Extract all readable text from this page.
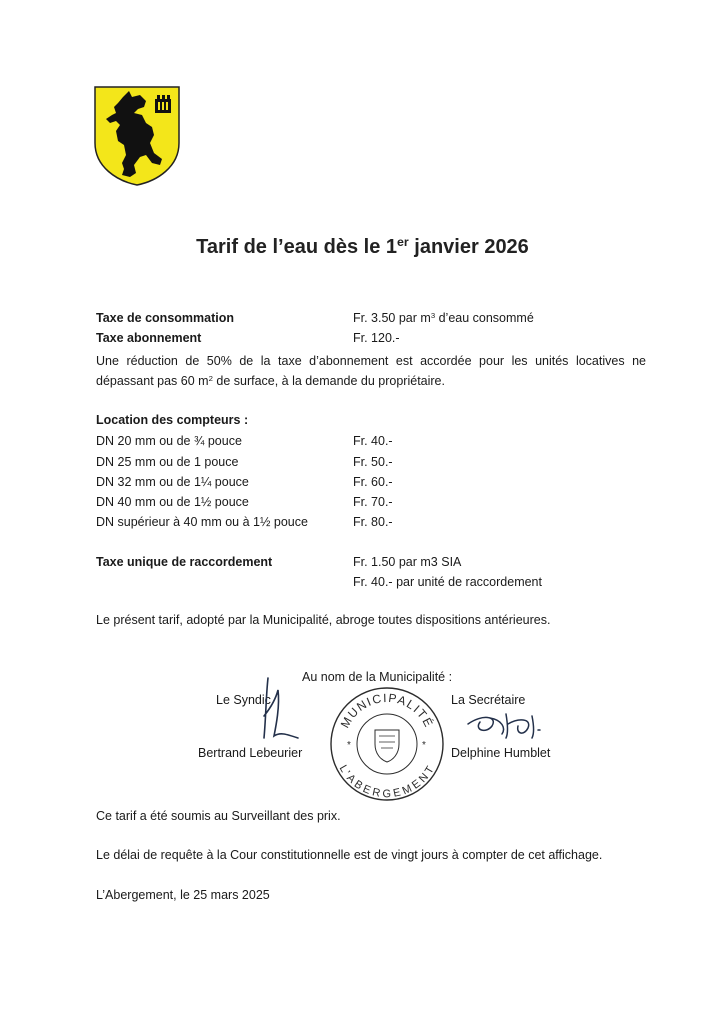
Tarif de l’eau dès le 1er janvier 2026
Taxe de consommation	Fr. 3.50 par $m^3$ d’eau consommé
Taxe abonnement	Fr. 120.-
Une réduction de 50% de la taxe d’abonnement est accordée pour les unités locatives ne dépassant pas 60 $m^2$ de surface, à la demande du propriétaire.
Location des compteurs :
DN 20 mm ou de ¾ pouce	Fr. 40.-
DN 25 mm ou de 1 pouce	Fr. 50.-
DN 32 mm ou de 1¼ pouce	Fr. 60.-
DN 40 mm ou de 1½ pouce	Fr. 70.-
DN supérieur à 40 mm ou à 1½ pouce	Fr. 80.-
Taxe unique de raccordement	Fr. 1.50 par m3 SIA
Fr. 40.- par unité de raccordement
Le présent tarif, adopté par la Municipalité, abroge toutes dispositions antérieures.
Au nom de la Municipalité :
Le Syndic
Bertrand Lebeurier
La Secrétaire
Delphine Humblet
MUNICIPALITÉ
L’ABERGEMENT
*	*
Ce tarif a été soumis au Surveillant des prix.
Le délai de requête à la Cour constitutionnelle est de vingt jours à compter de cet affichage.
L’Abergement, le 25 mars 2025
